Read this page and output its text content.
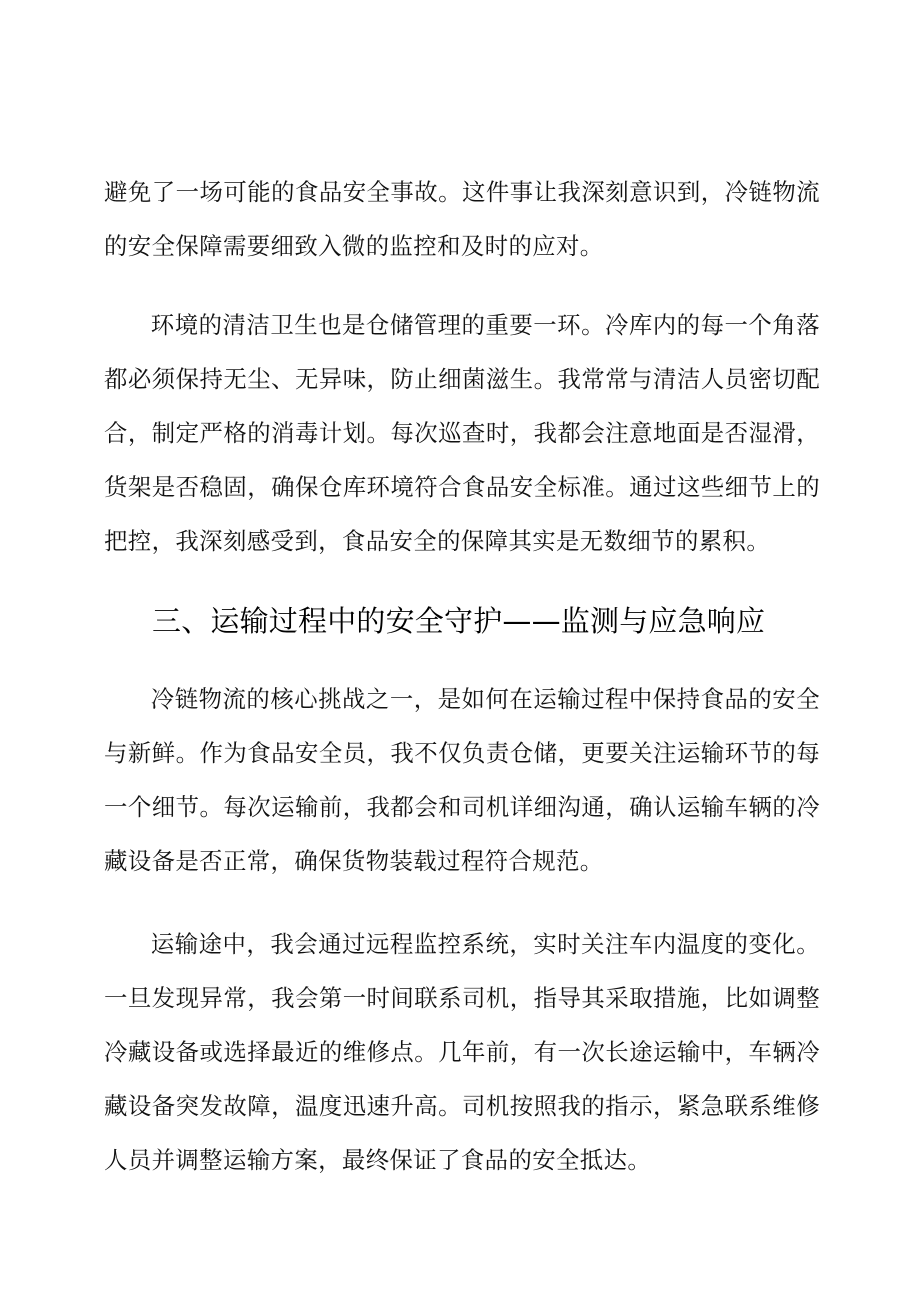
避免了一场可能的食品安全事故。这件事让我深刻意识到，冷链物流的安全保障需要细致入微的监控和及时的应对。

环境的清洁卫生也是仓储管理的重要一环。冷库内的每一个角落都必须保持无尘、无异味，防止细菌滋生。我常常与清洁人员密切配合，制定严格的消毒计划。每次巡查时，我都会注意地面是否湿滑，货架是否稳固，确保仓库环境符合食品安全标准。通过这些细节上的把控，我深刻感受到，食品安全的保障其实是无数细节的累积。

三、运输过程中的安全守护——监测与应急响应

冷链物流的核心挑战之一，是如何在运输过程中保持食品的安全与新鲜。作为食品安全员，我不仅负责仓储，更要关注运输环节的每一个细节。每次运输前，我都会和司机详细沟通，确认运输车辆的冷藏设备是否正常，确保货物装载过程符合规范。

运输途中，我会通过远程监控系统，实时关注车内温度的变化。一旦发现异常，我会第一时间联系司机，指导其采取措施，比如调整冷藏设备或选择最近的维修点。几年前，有一次长途运输中，车辆冷藏设备突发故障，温度迅速升高。司机按照我的指示，紧急联系维修人员并调整运输方案，最终保证了食品的安全抵达。
